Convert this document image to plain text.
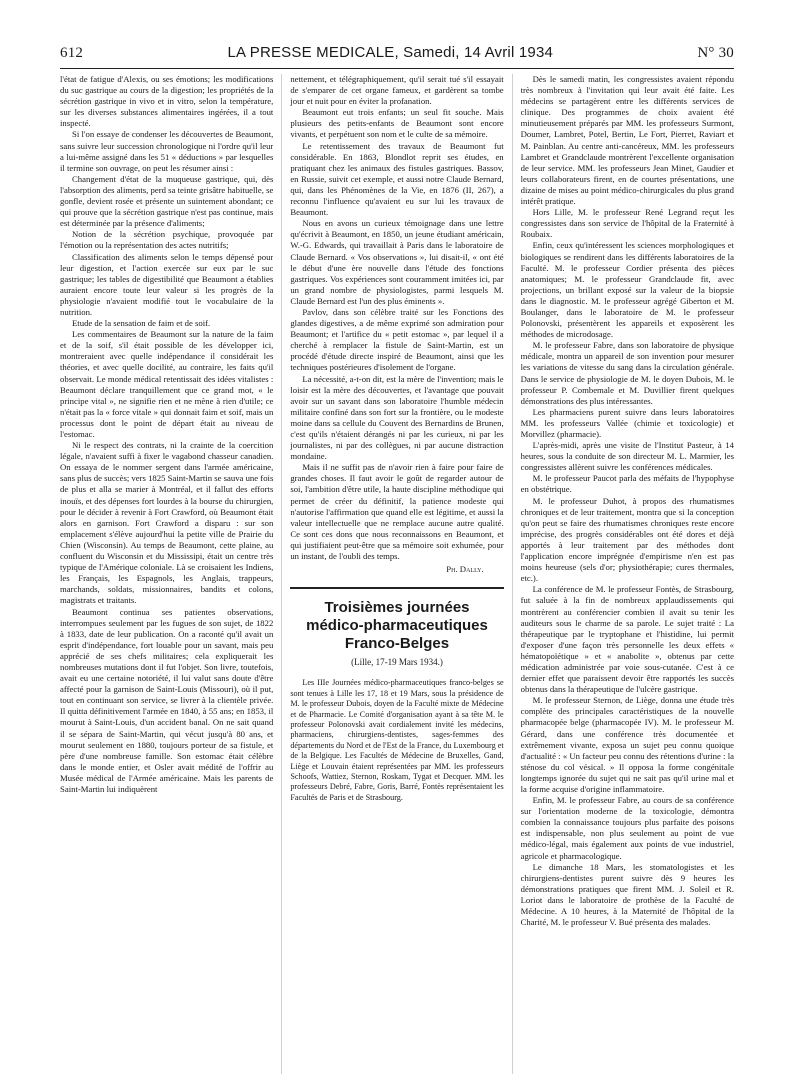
612	LA PRESSE MEDICALE, Samedi, 14 Avril 1934	N° 30

l'état de fatigue d'Alexis, ou ses émotions; les modifications du suc gastrique au cours de la digestion; les propriétés de la sécrétion gastrique in vivo et in vitro, selon la température, sur les diverses substances alimentaires ingérées, il a tout inspecté.

Si l'on essaye de condenser les découvertes de Beaumont, sans suivre leur succession chronologique ni l'ordre qu'il leur a lui-même assigné dans les 51 « déductions » par lesquelles il termine son ouvrage, on peut les résumer ainsi :

Changement d'état de la muqueuse gastrique, qui, dès l'absorption des aliments, perd sa teinte grisâtre habituelle, se gonfle, devient rosée et présente un suintement abondant; ce qui prouve que la sécrétion gastrique n'est pas continue, mais est déterminée par la présence d'aliments;

Notion de la sécrétion psychique, provoquée par l'émotion ou la représentation des actes nutritifs;

Classification des aliments selon le temps dépensé pour leur digestion, et l'action exercée sur eux par le suc gastrique; les tables de digestibilité que Beaumont a établies auraient encore toute leur valeur si les progrès de la physiologie n'avaient modifié tout le vocabulaire de la nutrition.

Etude de la sensation de faim et de soif.

Les commentaires de Beaumont sur la nature de la faim et de la soif, s'il était possible de les développer ici, montreraient avec quelle indépendance il considérait les théories, et avec quelle docilité, au contraire, les faits qu'il observait. Le monde médical retentissait des idées vitalistes : Beaumont déclare tranquillement que ce grand mot, « le principe vital », ne signifie rien et ne mène à rien d'utile; ce n'était pas la « force vitale » qui donnait faim et soif, mais un processus dont le point de départ était au niveau de l'estomac.

Ni le respect des contrats, ni la crainte de la coercition légale, n'avaient suffi à fixer le vagabond chasseur canadien. On essaya de le nommer sergent dans l'armée américaine, sans plus de succès; vers 1825 Saint-Martin se sauva une fois de plus et alla se marier à Montréal, et il fallut des efforts inouïs, et des dépenses fort lourdes à la bourse du chirurgien, pour le décider à revenir à Fort Crawford, où Beaumont était alors en garnison. Fort Crawford a disparu : sur son emplacement s'élève aujourd'hui la petite ville de Prairie du Chien (Wisconsin). Au temps de Beaumont, cette plaine, au confluent du Wisconsin et du Mississipi, était un centre très typique de l'Amérique coloniale. Là se croisaient les Indiens, les Français, les Espagnols, les Anglais, trappeurs, marchands, soldats, missionnaires, bandits et colons, magistrats et traitants.

Beaumont continua ses patientes observations, interrompues seulement par les fugues de son sujet, de 1822 à 1833, date de leur publication. On a raconté qu'il avait un esprit d'indépendance, fort louable pour un savant, mais peu apprécié de ses chefs militaires; cela expliquerait les nombreuses mutations dont il fut l'objet. Son livre, toutefois, avait eu une certaine notoriété, il lui valut sans doute d'être affecté pour la garnison de Saint-Louis (Missouri), où il put, tout en continuant son service, se livrer à la clientèle privée. Il quitta définitivement l'armée en 1840, à 55 ans; en 1853, il mourut à Saint-Louis, d'un accident banal. On ne sait quand il se sépara de Saint-Martin, qui vécut jusqu'à 80 ans, et mourut seulement en 1880, toujours porteur de sa fistule, et père d'une nombreuse famille. Son estomac était célèbre dans le monde entier, et Osler avait médité de l'offrir au Musée médical de l'Armée américaine. Mais les parents de Saint-Martin lui indiquèrent

nettement, et télégraphiquement, qu'il serait tué s'il essayait de s'emparer de cet organe fameux, et gardèrent sa tombe jour et nuit pour en éviter la profanation.

Beaumont eut trois enfants; un seul fit souche. Mais plusieurs des petits-enfants de Beaumont sont encore vivants, et perpétuent son nom et le culte de sa mémoire.

Le retentissement des travaux de Beaumont fut considérable. En 1863, Blondlot reprit ses études, en pratiquant chez les animaux des fistules gastriques. Bassov, en Russie, suivit cet exemple, et aussi notre Claude Bernard, qui, dans les Phénomènes de la Vie, en 1876 (II, 267), a reconnu l'influence qu'avaient eu sur lui les travaux de Beaumont.

Nous en avons un curieux témoignage dans une lettre qu'écrivit à Beaumont, en 1850, un jeune étudiant américain, W.-G. Edwards, qui travaillait à Paris dans le laboratoire de Claude Bernard. « Vos observations », lui disait-il, « ont été le début d'une ère nouvelle dans l'étude des fonctions gastriques. Vos expériences sont couramment imitées ici, par un grand nombre de physiologistes, parmi lesquels M. Claude Bernard est l'un des plus éminents ».

Pavlov, dans son célèbre traité sur les Fonctions des glandes digestives, a de même exprimé son admiration pour Beaumont; et l'artifice du « petit estomac », par lequel il a cherché à remplacer la fistule de Saint-Martin, est un procédé d'étude directe inspiré de Beaumont, ainsi que les techniques postérieures d'isolement de l'organe.

La nécessité, a-t-on dit, est la mère de l'invention; mais le loisir est la mère des découvertes, et l'avantage que pouvait avoir sur un savant dans son laboratoire l'humble médecin militaire confiné dans son fort sur la frontière, ou le modeste moine dans sa cellule du Couvent des Bernardins de Brunen, c'est qu'ils n'étaient dérangés ni par les curieux, ni par les journalistes, ni par des collègues, ni par aucune distraction mondaine.

Mais il ne suffit pas de n'avoir rien à faire pour faire de grandes choses. Il faut avoir le goût de regarder autour de soi, l'ambition d'être utile, la haute discipline méthodique qui permet de créer du définitif, la patience modeste qui n'autorise l'affirmation que quand elle est légitime, et aussi la valeur intellectuelle que ne remplace aucune autre qualité. Ce sont ces dons que nous reconnaissons en Beaumont, et qui justifiaient peut-être que sa mémoire soit exhumée, pour un instant, de l'oubli des temps.

Ph. Dally.
Troisièmes journées
médico-pharmaceutiques
Franco-Belges
(Lille, 17-19 Mars 1934.)

Les IIIe Journées médico-pharmaceutiques franco-belges se sont tenues à Lille les 17, 18 et 19 Mars, sous la présidence de M. le professeur Dubois, doyen de la Faculté mixte de Médecine et de Pharmacie. Le Comité d'organisation ayant à sa tête M. le professeur Polonovski avait cordialement invité les médecins, pharmaciens, chirurgiens-dentistes, sages-femmes des départements du Nord et de l'Est de la France, du Luxembourg et de la Belgique. Les Facultés de Médecine de Bruxelles, Gand, Liège et Louvain étaient représentées par MM. les professeurs Schoofs, Wattiez, Sternon, Roskam, Tygat et Decquer. MM. les professeurs Debré, Fabre, Goris, Barré, Fontès représentaient les Facultés de Paris et de Strasbourg.

Dès le samedi matin, les congressistes avaient répondu très nombreux à l'invitation qui leur avait été faite. Les médecins se partagèrent entre les différents services de clinique. Des programmes de choix avaient été minutieusement préparés par MM. les professeurs Surmont, Doumer, Lambret, Potel, Bertin, Le Fort, Pierret, Raviart et M. Painblan. Au centre anti-cancéreux, MM. les professeurs Lambret et Grandclaude montrèrent l'excellente organisation de leur service. MM. les professeurs Jean Minet, Gaudier et leurs collaborateurs firent, en de courtes présentations, une dizaine de mises au point médico-chirurgicales du plus grand intérêt pratique.

Hors Lille, M. le professeur René Legrand reçut les congressistes dans son service de l'hôpital de la Fraternité à Roubaix.

Enfin, ceux qu'intéressent les sciences morphologiques et biologiques se rendirent dans les différents laboratoires de la Faculté. M. le professeur Cordier présenta des pièces anatomiques; M. le professeur Grandclaude fit, avec projections, un brillant exposé sur la valeur de la biopsie dans le diagnostic. M. le professeur agrégé Giberton et M. Boulanger, dans le laboratoire de M. le professeur Polonovski, présentèrent les appareils et exposèrent les méthodes de microdosage.

M. le professeur Fabre, dans son laboratoire de physique médicale, montra un appareil de son invention pour mesurer les variations de vitesse du sang dans la circulation générale. Dans le service de physiologie de M. le doyen Dubois, M. le professeur P. Combemale et M. Duvillier firent quelques démonstrations des plus intéressantes.

Les pharmaciens purent suivre dans leurs laboratoires MM. les professeurs Vallée (chimie et toxicologie) et Morvillez (pharmacie).

L'après-midi, après une visite de l'Institut Pasteur, à 14 heures, sous la conduite de son directeur M. L. Marmier, les congressistes allèrent suivre les conférences médicales.

M. le professeur Paucot parla des méfaits de l'hypophyse en obstétrique.

M. le professeur Duhot, à propos des rhumatismes chroniques et de leur traitement, montra que si la conception qu'on peut se faire des rhumatismes chroniques reste encore imprécise, des progrès considérables ont été dores et déjà apportés à leur traitement par des méthodes dont l'application encore imprégnée d'empirisme n'en est pas moins heureuse (sels d'or; physiothérapie; cures thermales, etc.).

La conférence de M. le professeur Fontès, de Strasbourg, fut saluée à la fin de nombreux applaudissements qui montrèrent au conférencier combien il avait su tenir les auditeurs sous le charme de sa parole. Le sujet traité : La thérapeutique par le tryptophane et l'histidine, lui permit d'exposer d'une façon très personnelle les deux effets « hématopoïétique » et « anabolite », obtenus par cette médication administrée par voie sous-cutanée. C'est à ce dernier effet que paraissent devoir être rapportés les succès obtenus dans la thérapeutique de l'ulcère gastrique.

M. le professeur Sternon, de Liège, donna une étude très complète des principales caractéristiques de la nouvelle pharmacopée belge (pharmacopée IV). M. le professeur M. Gérard, dans une conférence très documentée et extrêmement vivante, exposa un sujet peu connu quoique d'actualité : « Un facteur peu connu des rétentions d'urine : la sténose du col vésical. » Il opposa la forme congénitale longtemps ignorée du sujet qui ne sait pas qu'il urine mal et la forme acquise d'origine inflammatoire.

Enfin, M. le professeur Fabre, au cours de sa conférence sur l'orientation moderne de la toxicologie, démontra combien la connaissance toujours plus parfaite des poisons est indispensable, non plus seulement au point de vue médico-légal, mais également aux points de vue industriel, agricole et pharmacologique.

Le dimanche 18 Mars, les stomatologistes et les chirurgiens-dentistes purent suivre dès 9 heures les démonstrations pratiques que firent MM. J. Soleil et R. Loriot dans le laboratoire de prothèse de la Faculté de Médecine. A 10 heures, à la Maternité de l'hôpital de la Charité, M. le professeur V. Bué présenta des malades.
